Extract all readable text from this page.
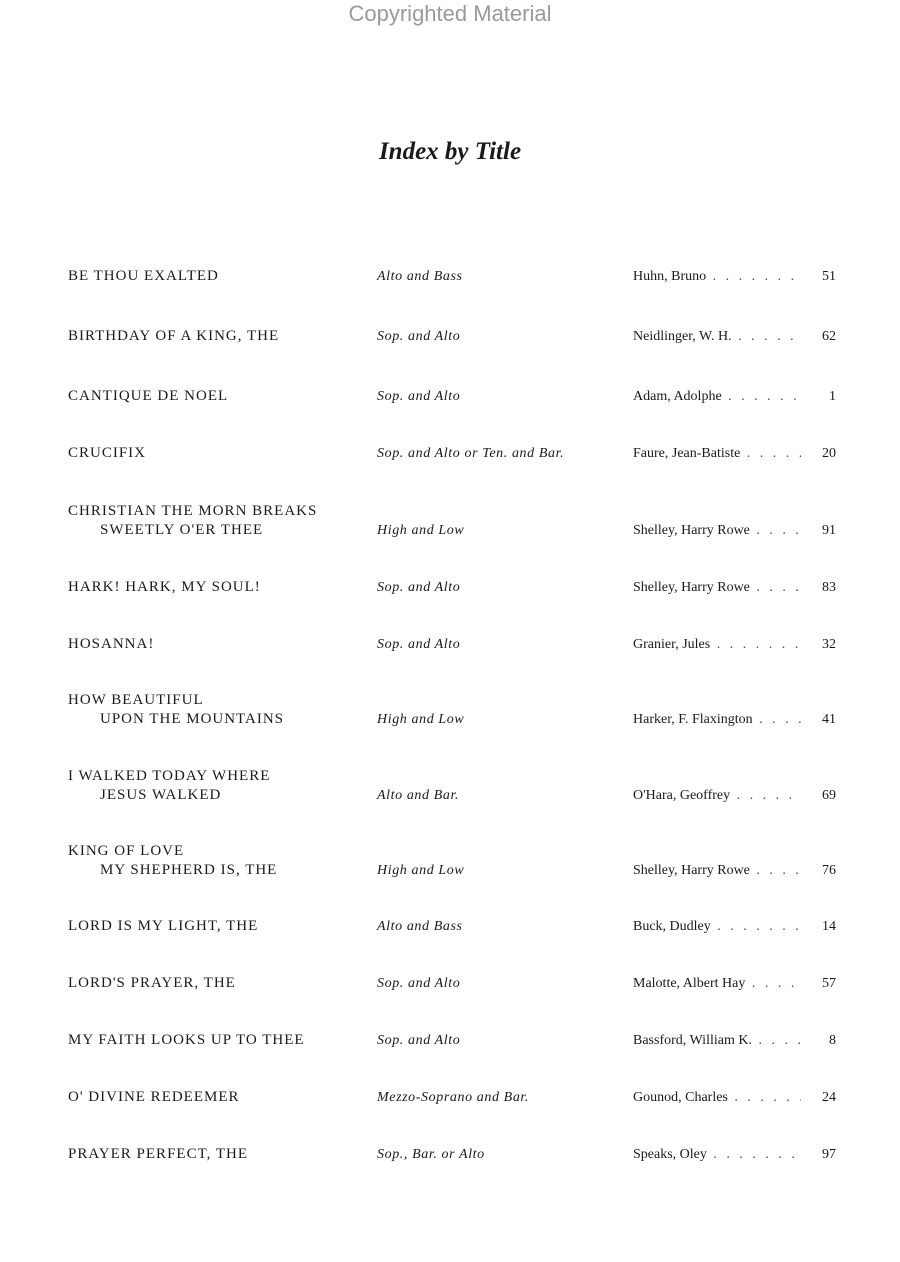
Copyrighted Material
Index by Title
BE THOU EXALTED	Alto and Bass	Huhn, Bruno . . .	51
BIRTHDAY OF A KING, THE	Sop. and Alto	Neidlinger, W. H. . . .	62
CANTIQUE DE NOEL	Sop. and Alto	Adam, Adolphe . . .	1
CRUCIFIX	Sop. and Alto or Ten. and Bar.	Faure, Jean-Batiste . . .	20
CHRISTIAN THE MORN BREAKS
SWEETLY O'ER THEE	High and Low	Shelley, Harry Rowe . . .	91
HARK! HARK, MY SOUL!	Sop. and Alto	Shelley, Harry Rowe . . .	83
HOSANNA!	Sop. and Alto	Granier, Jules . . .	32
HOW BEAUTIFUL
UPON THE MOUNTAINS	High and Low	Harker, F. Flaxington . . .	41
I WALKED TODAY WHERE
JESUS WALKED	Alto and Bar.	O'Hara, Geoffrey . . .	69
KING OF LOVE
MY SHEPHERD IS, THE	High and Low	Shelley, Harry Rowe . . .	76
LORD IS MY LIGHT, THE	Alto and Bass	Buck, Dudley . . .	14
LORD'S PRAYER, THE	Sop. and Alto	Malotte, Albert Hay . . .	57
MY FAITH LOOKS UP TO THEE	Sop. and Alto	Bassford, William K. . . .	8
O' DIVINE REDEEMER	Mezzo-Soprano and Bar.	Gounod, Charles . . .	24
PRAYER PERFECT, THE	Sop., Bar. or Alto	Speaks, Oley . . .	97
